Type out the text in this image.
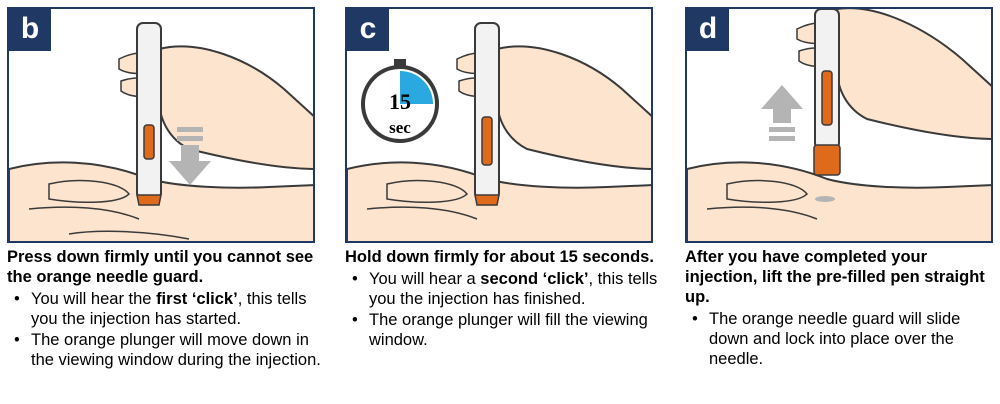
b
15
sec
c	d

Press down firmly until you cannot see the orange needle guard.

• You will hear the first ‘click’, this tells you the injection has started.
• The orange plunger will move down in the viewing window during the injection.

Hold down firmly for about 15 seconds.

• You will hear a second ‘click’, this tells you the injection has finished.
• The orange plunger will fill the viewing window.

After you have completed your injection, lift the pre-filled pen straight up.

• The orange needle guard will slide down and lock into place over the needle.
